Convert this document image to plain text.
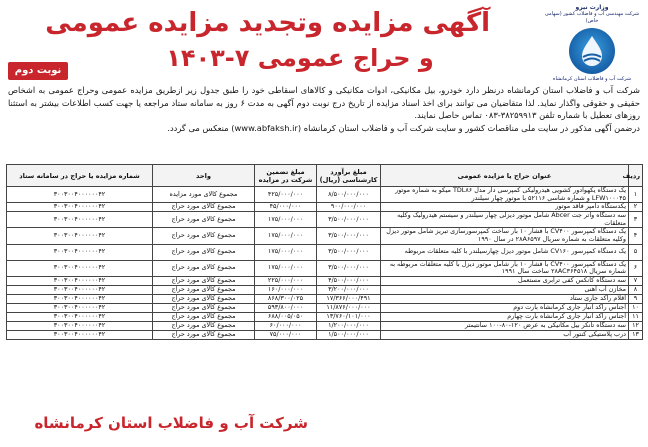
وزارت نیرو
شرکت مهندسی آب و فاضلاب کشور (سهامی خاص)
شرکت آب و فاضلاب استان کرمانشاه
آگهی مزایده وتجدید مزایده عمومی
و حراج عمومی ۷-۱۴۰۳
نوبت دوم

شرکت آب و فاضلاب استان کرمانشاه درنظر دارد خودرو، بیل مکانیکی، ادوات مکانیکی و کالاهای اسقاطی خود را طبق جدول زیر ازطریق مزایده عمومی وحراج عمومی به اشخاص حقیقی و حقوقی واگذار نماید. لذا متقاضیان می توانند برای اخذ اسناد مزایده از تاریخ درج نوبت دوم آگهی به مدت ۶ روز به سامانه ستاد مراجعه یا جهت کسب اطلاعات بیشتر به استثنا روزهای تعطیل با شماره تلفن ۳۸۲۵۹۹۱۳-۰۸۳ تماس حاصل نمایند.

درضمن آگهی مذکور در سایت ملی مناقصات کشور و سایت شرکت آب و فاضلاب استان کرمانشاه (www.abfaksh.ir) منعکس می گردد.

ردیف	عنوان حراج یا مزایده عمومی	مبلغ برآورد کارشناسی (ریال)	مبلغ تضمین شرکت در مزایده	واحد	شماره مزایده یا حراج در سامانه ستاد
۱	یک دستگاه یکهوادور کشویی هیدرولیکی کمپرسی دار مدل TDL۸۶ میکو به شماره موتور LFW۱۰۰۰۴۵ و شماره شاسی ۵۲۱۱۶ با موتور چهار سیلندر	۸/۵۰۰/۰۰۰/۰۰۰	۴۲۵/۰۰۰/۰۰۰	مجموع کالای مورد مزایده	۳۰۰۳۰۰۴۰۰۰۰۰۰۴۲
۲	یکدستگاه دامپر فاقد موتور	۹۰۰/۰۰۰/۰۰۰	۴۵/۰۰۰/۰۰۰	مجموع کالای مورد حراج	۳۰۰۳۰۰۴۰۰۰۰۰۰۴۲
۳	سه دستگاه واتر جت Abcer شامل موتور دیزلی چهار سیلندر و سیستم هیدرولیک وکلیه متعلقات	۳/۵۰۰/۰۰۰/۰۰۰	۱۷۵/۰۰۰/۰۰۰	مجموع کالای مورد حراج	۳۰۰۳۰۰۴۰۰۰۰۰۰۴۲
۴	یک دستگاه کمپرسور CV۴۰۰ با فشار ۱۰ بار ساخت کمپرسورسازی تبریز شامل موتور دیزل وکلیه متعلقات به شماره سریال ۲۸A۶۵۹۷ در سال ۱۹۹۰	۳/۵۰۰/۰۰۰/۰۰۰	۱۷۵/۰۰۰/۰۰۰	مجموع کالای مورد حراج	۳۰۰۳۰۰۴۰۰۰۰۰۰۴۲
۵	یک دستگاه کمپرسور CV۱۶۰ شامل موتور دیزل چهارسیلندر با کلیه متعلقات مربوطه	۳/۵۰۰/۰۰۰/۰۰۰	۱۷۵/۰۰۰/۰۰۰	مجموع کالای مورد حراج	۳۰۰۳۰۰۴۰۰۰۰۰۰۴۲
۶	یک دستگاه کمپرسور CV۴۰۰ با فشار ۱۰ بار شامل موتور دیزل با کلیه متعلقات مربوطه به شماره سریال ۲۸AC۳۶۴۵۱۸ ساخت سال ۱۹۹۱	۳/۵۰۰/۰۰۰/۰۰۰	۱۷۵/۰۰۰/۰۰۰	مجموع کالای مورد حراج	۳۰۰۳۰۰۴۰۰۰۰۰۰۴۲
۷	سه دستگاه کانکس کفی ترابری مستعمل	۴/۵۰۰/۰۰۰/۰۰۰	۲۲۵/۰۰۰/۰۰۰	مجموع کالای مورد حراج	۳۰۰۳۰۰۴۰۰۰۰۰۰۴۲
۸	مخازن آب آهنی	۳/۲۰۰/۰۰۰/۰۰۰	۱۶۰/۰۰۰/۰۰۰	مجموع کالای مورد حراج	۳۰۰۳۰۰۴۰۰۰۰۰۰۴۲
۹	اقلام راکد جاری ستاد	۱۷/۳۶۶/۰۰۰/۴۹۱	۸۶۸/۳۰۰/۰۲۵	مجموع کالای مورد حراج	۳۰۰۳۰۰۴۰۰۰۰۰۰۴۲
۱۰	اجناس راکد انبار جاری کرمانشاه بارت دوم	۱۱/۸۷۶/۰۰۰/۰۰۰	۵۹۳/۸۰۰/۰۰۰	مجموع کالای مورد حراج	۳۰۰۳۰۰۴۰۰۰۰۰۰۴۲
۱۱	اجناس راکد انبار جاری کرمانشاه بارت چهارم	۱۳/۷۶۰/۱۰۱/۰۰۰	۶۸۸/۰۰۵/۰۵۰	مجموع کالای مورد حراج	۳۰۰۳۰۰۴۰۰۰۰۰۰۴۲
۱۲	سه دستگاه تانکر بیل مکانیکی به عرض ۱۲۰-۸۰-۱۰۰ سانتیمتر	۱/۲۰۰/۰۰۰/۰۰۰	۶۰/۰۰۰/۰۰۰	مجموع کالای مورد حراج	۳۰۰۳۰۰۴۰۰۰۰۰۰۴۲
۱۳	درب پلاستیکی کنتور آب	۱/۵۰۰/۰۰۰/۰۰۰	۷۵/۰۰۰/۰۰۰	مجموع کالای مورد حراج	۳۰۰۳۰۰۴۰۰۰۰۰۰۴۲
شرکت آب و فاضلاب استان کرمانشاه
